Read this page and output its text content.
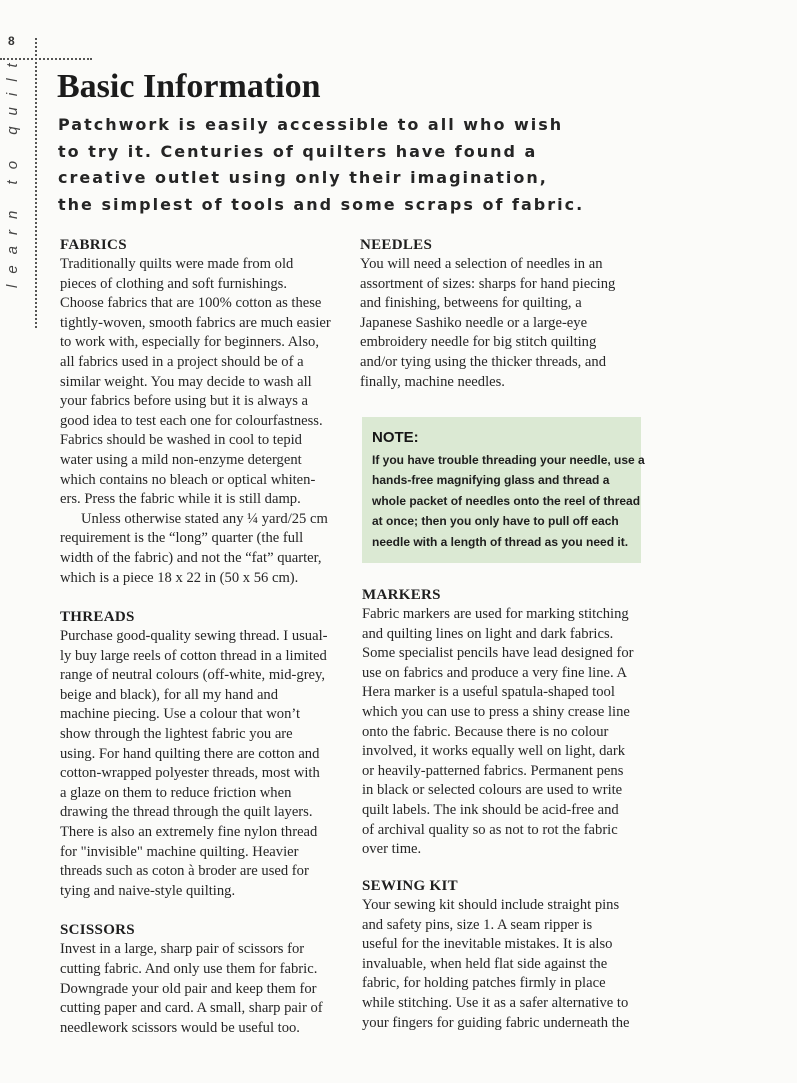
8
learn to quilt Basic Information
Patchwork is easily accessible to all who wish
to try it. Centuries of quilters have found a
creative outlet using only their imagination,
the simplest of tools and some scraps of fabric.
FABRICS
Traditionally quilts were made from old
pieces of clothing and soft furnishings.
Choose fabrics that are 100% cotton as these
tightly-woven, smooth fabrics are much easier
to work with, especially for beginners. Also,
all fabrics used in a project should be of a
similar weight. You may decide to wash all
your fabrics before using but it is always a
good idea to test each one for colourfastness.
Fabrics should be washed in cool to tepid
water using a mild non-enzyme detergent
which contains no bleach or optical whiten-
ers. Press the fabric while it is still damp.
Unless otherwise stated any ¼ yard/25 cm
requirement is the “long” quarter (the full
width of the fabric) and not the “fat” quarter,
which is a piece 18 x 22 in (50 x 56 cm).
THREADS
Purchase good-quality sewing thread. I usual-
ly buy large reels of cotton thread in a limited
range of neutral colours (off-white, mid-grey,
beige and black), for all my hand and
machine piecing. Use a colour that won’t
show through the lightest fabric you are
using. For hand quilting there are cotton and
cotton-wrapped polyester threads, most with
a glaze on them to reduce friction when
drawing the thread through the quilt layers.
There is also an extremely fine nylon thread
for "invisible" machine quilting. Heavier
threads such as coton à broder are used for
tying and naive-style quilting.
SCISSORS
Invest in a large, sharp pair of scissors for
cutting fabric. And only use them for fabric.
Downgrade your old pair and keep them for
cutting paper and card. A small, sharp pair of
needlework scissors would be useful too.
NEEDLES
You will need a selection of needles in an
assortment of sizes: sharps for hand piecing
and finishing, betweens for quilting, a
Japanese Sashiko needle or a large-eye
embroidery needle for big stitch quilting
and/or tying using the thicker threads, and
finally, machine needles.
NOTE:
If you have trouble threading your needle, use a
hands-free magnifying glass and thread a
whole packet of needles onto the reel of thread
at once; then you only have to pull off each
needle with a length of thread as you need it.
MARKERS
Fabric markers are used for marking stitching
and quilting lines on light and dark fabrics.
Some specialist pencils have lead designed for
use on fabrics and produce a very fine line. A
Hera marker is a useful spatula-shaped tool
which you can use to press a shiny crease line
onto the fabric. Because there is no colour
involved, it works equally well on light, dark
or heavily-patterned fabrics. Permanent pens
in black or selected colours are used to write
quilt labels. The ink should be acid-free and
of archival quality so as not to rot the fabric
over time.
SEWING KIT
Your sewing kit should include straight pins
and safety pins, size 1. A seam ripper is
useful for the inevitable mistakes. It is also
invaluable, when held flat side against the
fabric, for holding patches firmly in place
while stitching. Use it as a safer alternative to
your fingers for guiding fabric underneath the
